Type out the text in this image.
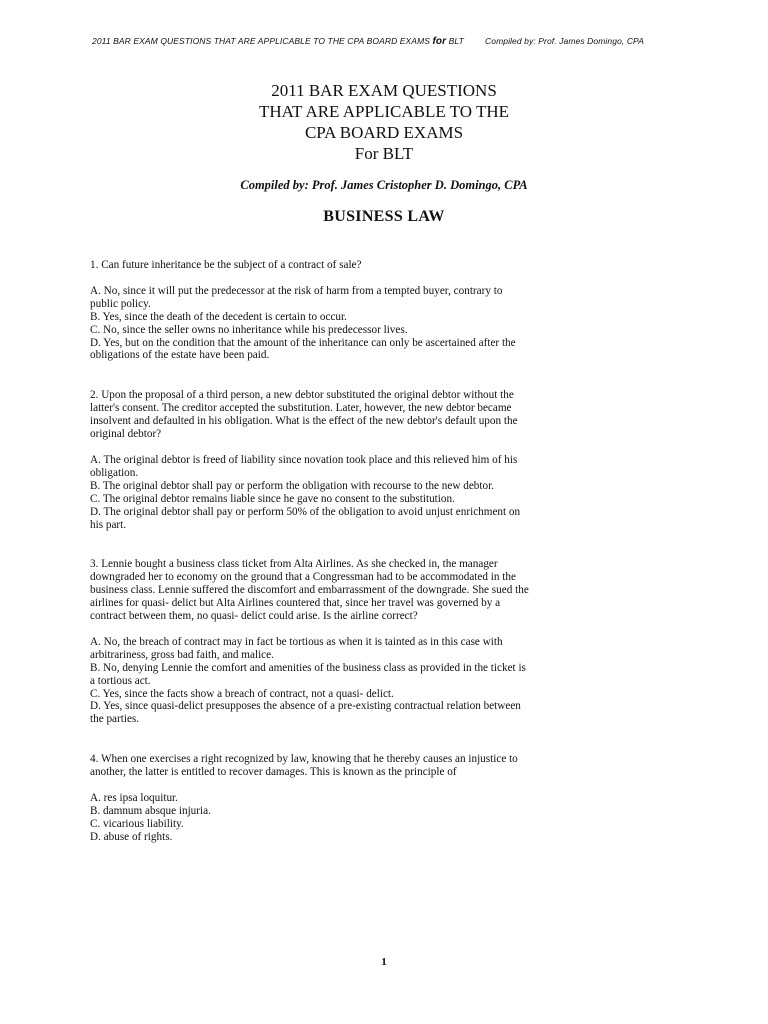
2011 BAR EXAM QUESTIONS THAT ARE APPLICABLE TO THE CPA BOARD EXAMS for BLT Compiled by: Prof. James Domingo, CPA
2011 BAR EXAM QUESTIONS
THAT ARE APPLICABLE TO THE
CPA BOARD EXAMS
For BLT
Compiled by: Prof. James Cristopher D. Domingo, CPA
BUSINESS LAW
1. Can future inheritance be the subject of a contract of sale?

A. No, since it will put the predecessor at the risk of harm from a tempted buyer, contrary to public policy.

B. Yes, since the death of the decedent is certain to occur.

C. No, since the seller owns no inheritance while his predecessor lives.

D. Yes, but on the condition that the amount of the inheritance can only be ascertained after the obligations of the estate have been paid.

2. Upon the proposal of a third person, a new debtor substituted the original debtor without the latter's consent. The creditor accepted the substitution. Later, however, the new debtor became insolvent and defaulted in his obligation. What is the effect of the new debtor's default upon the original debtor?

A. The original debtor is freed of liability since novation took place and this relieved him of his obligation.

B. The original debtor shall pay or perform the obligation with recourse to the new debtor.

C. The original debtor remains liable since he gave no consent to the substitution.

D. The original debtor shall pay or perform 50% of the obligation to avoid unjust enrichment on his part.

3. Lennie bought a business class ticket from Alta Airlines. As she checked in, the manager downgraded her to economy on the ground that a Congressman had to be accommodated in the business class. Lennie suffered the discomfort and embarrassment of the downgrade. She sued the airlines for quasi- delict but Alta Airlines countered that, since her travel was governed by a contract between them, no quasi- delict could arise. Is the airline correct?

A. No, the breach of contract may in fact be tortious as when it is tainted as in this case with arbitrariness, gross bad faith, and malice.

B. No, denying Lennie the comfort and amenities of the business class as provided in the ticket is a tortious act.

C. Yes, since the facts show a breach of contract, not a quasi- delict.

D. Yes, since quasi-delict presupposes the absence of a pre-existing contractual relation between the parties.

4. When one exercises a right recognized by law, knowing that he thereby causes an injustice to another, the latter is entitled to recover damages. This is known as the principle of

A. res ipsa loquitur.

B. damnum absque injuria.

C. vicarious liability.

D. abuse of rights.

1
